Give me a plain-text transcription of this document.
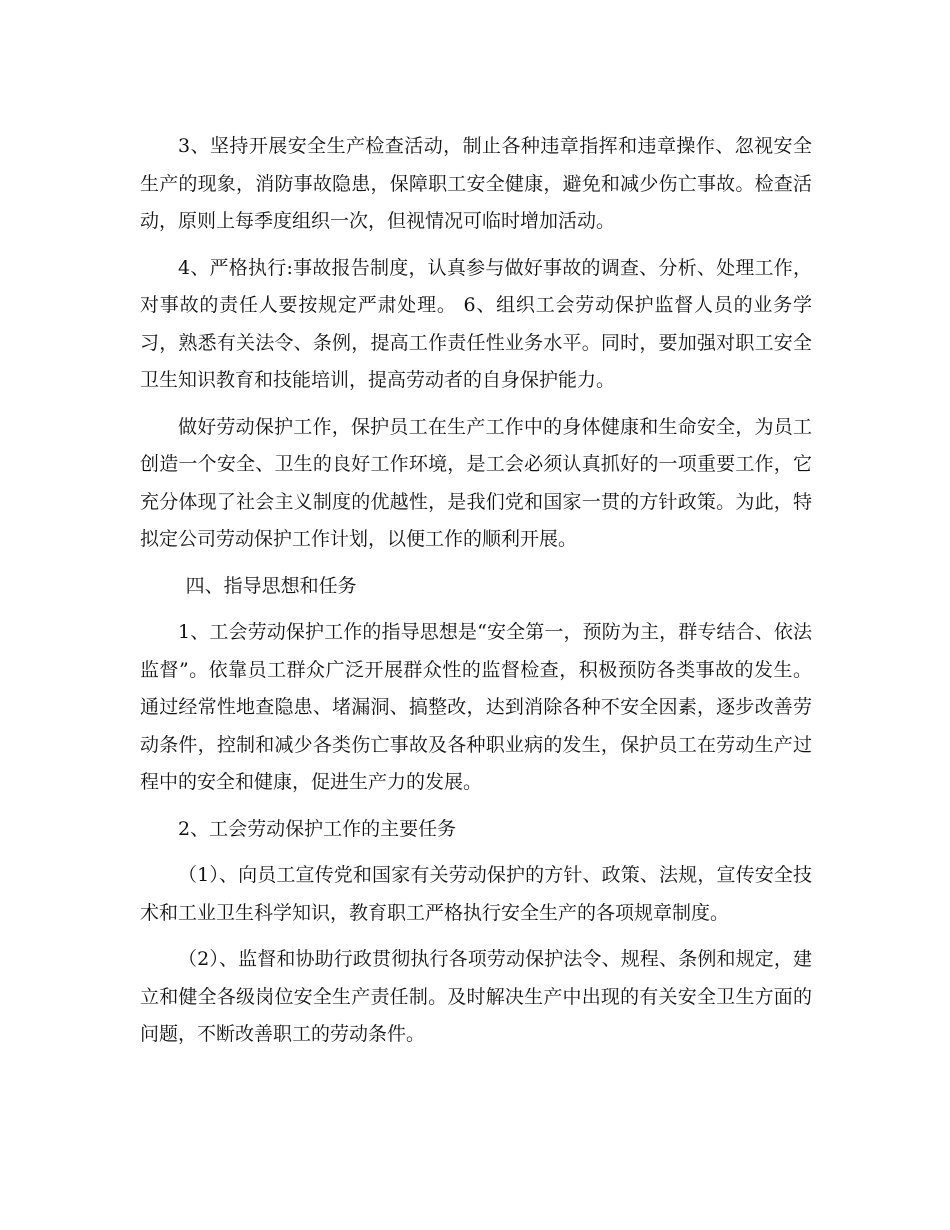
3、坚持开展安全生产检查活动，制止各种违章指挥和违章操作、忽视安全生产的现象，消防事故隐患，保障职工安全健康，避免和减少伤亡事故。检查活动，原则上每季度组织一次，但视情况可临时增加活动。

4、严格执行:事故报告制度，认真参与做好事故的调查、分析、处理工作，对事故的责任人要按规定严肃处理。 6、组织工会劳动保护监督人员的业务学习，熟悉有关法令、条例，提高工作责任性业务水平。同时，要加强对职工安全卫生知识教育和技能培训，提高劳动者的自身保护能力。

做好劳动保护工作，保护员工在生产工作中的身体健康和生命安全，为员工创造一个安全、卫生的良好工作环境，是工会必须认真抓好的一项重要工作，它充分体现了社会主义制度的优越性，是我们党和国家一贯的方针政策。为此，特拟定公司劳动保护工作计划，以便工作的顺利开展。

四、指导思想和任务

1、工会劳动保护工作的指导思想是“安全第一，预防为主，群专结合、依法监督”。依靠员工群众广泛开展群众性的监督检查，积极预防各类事故的发生。通过经常性地查隐患、堵漏洞、搞整改，达到消除各种不安全因素，逐步改善劳动条件，控制和减少各类伤亡事故及各种职业病的发生，保护员工在劳动生产过程中的安全和健康，促进生产力的发展。

2、工会劳动保护工作的主要任务

（1）、向员工宣传党和国家有关劳动保护的方针、政策、法规，宣传安全技术和工业卫生科学知识，教育职工严格执行安全生产的各项规章制度。

（2）、监督和协助行政贯彻执行各项劳动保护法令、规程、条例和规定，建立和健全各级岗位安全生产责任制。及时解决生产中出现的有关安全卫生方面的问题，不断改善职工的劳动条件。
